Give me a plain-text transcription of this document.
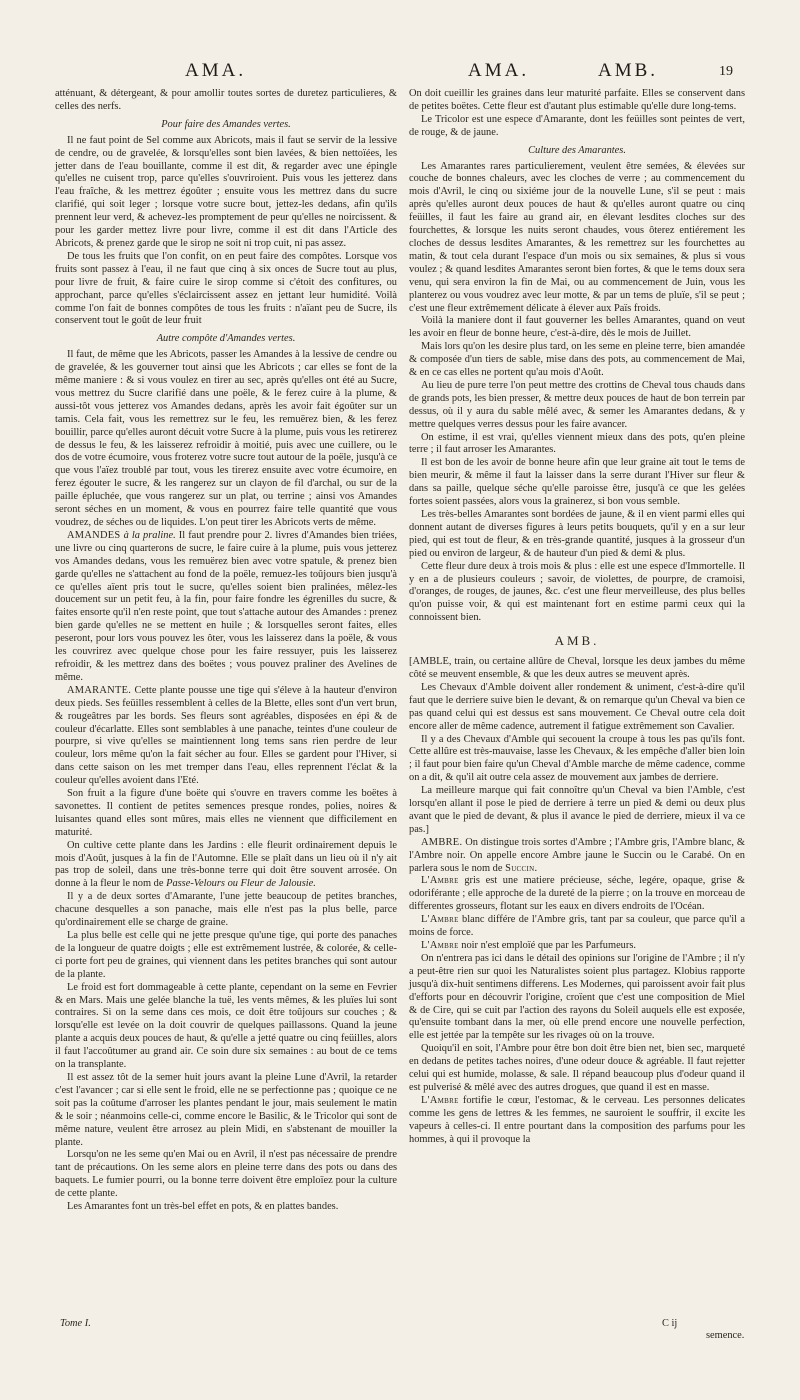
AMA.	AMA.	AMB.	19

atténuant, & détergeant, & pour amollir toutes sortes de duretez particulieres, & celles des nerfs.

Pour faire des Amandes vertes.

Il ne faut point de Sel comme aux Abricots, mais il faut se servir de la lessive de cendre, ou de gravelée, & lorsqu'elles sont bien lavées, & bien nettoïées, les jetter dans de l'eau bouillante, comme il est dit, & regarder avec une épingle qu'elles ne cuisent trop, parce qu'elles s'ouvriroient. Puis vous les jetterez dans l'eau fraîche, & les mettrez égoûter ; ensuite vous les mettrez dans du sucre clarifié, qui soit leger ; lorsque votre sucre bout, jettez-les dedans, afin qu'ils prennent leur verd, & achevez-les promptement de peur qu'elles ne noircissent. & pour les garder mettez livre pour livre, comme il est dit dans l'Article des Abricots, & prenez garde que le sirop ne soit ni trop cuit, ni pas assez.

De tous les fruits que l'on confit, on en peut faire des compôtes. Lorsque vos fruits sont passez à l'eau, il ne faut que cinq à six onces de Sucre tout au plus, pour livre de fruit, & faire cuire le sirop comme si c'étoit des confitures, ou approchant, parce qu'elles s'éclaircissent assez en jettant leur humidité. Voilà comme l'on fait de bonnes compôtes de tous les fruits : n'aïant peu de Sucre, ils conservent tout le goût de leur fruit

Autre compôte d'Amandes vertes.

Il faut, de même que les Abricots, passer les Amandes à la lessive de cendre ou de gravelée, & les gouverner tout ainsi que les Abricots ; car elles se font de la même maniere : & si vous voulez en tirer au sec, après qu'elles ont été au Sucre, vous mettrez du Sucre clarifié dans une poële, & le ferez cuire à la plume, & aussi-tôt vous jetterez vos Amandes dedans, après les avoir fait égoûter sur un tamis. Cela fait, vous les remettrez sur le feu, les remuërez bien, & les ferez bouillir, parce qu'elles auront décuit votre Sucre à la plume, puis vous les retirerez de dessus le feu, & les laisserez refroidir à moitié, puis avec une cuillere, ou le dos de votre écumoire, vous froterez votre sucre tout autour de la poële, jusqu'à ce que vous l'aïez troublé par tout, vous les tirerez ensuite avec votre écumoire, en ferez égouter le sucre, & les rangerez sur un clayon de fil d'archal, ou sur de la paille épluchée, que vous rangerez sur un plat, ou terrine ; ainsi vos Amandes seront séches en un moment, & vous en pourrez faire telle quantité que vous voudrez, de séches ou de liquides. L'on peut tirer les Abricots verts de même.

AMANDES à la praline. Il faut prendre pour 2. livres d'Amandes bien triées, une livre ou cinq quarterons de sucre, le faire cuire à la plume, puis vous jetterez vos Amandes dedans, vous les remuërez bien avec votre spatule, & prenez bien garde qu'elles ne s'attachent au fond de la poële, remuez-les toûjours bien jusqu'à ce qu'elles aïent pris tout le sucre, qu'elles soient bien pralinées, mêlez-les doucement sur un petit feu, à la fin, pour faire fondre les égrenilles du sucre, & faites ensorte qu'il n'en reste point, que tout s'attache autour des Amandes : prenez bien garde qu'elles ne se mettent en huile ; & lorsquelles seront faites, elles peseront, pour lors vous pouvez les ôter, vous les laisserez dans la poële, & vous les couvrirez avec quelque chose pour les faire ressuyer, puis les laisserez refroidir, & les mettrez dans des boëtes ; vous pouvez praliner des Avelines de même.

AMARANTE. Cette plante pousse une tige qui s'éleve à la hauteur d'environ deux pieds. Ses feüilles ressemblent à celles de la Blette, elles sont d'un vert brun, & rougeâtres par les bords. Ses fleurs sont agréables, disposées en épi & de couleur d'écarlatte. Elles sont semblables à une panache, teintes d'une couleur de pourpre, si vive qu'elles se maintiennent long tems sans rien perdre de leur couleur, lors même qu'on la fait sécher au four. Elles se gardent pour l'Hiver, si dans cette saison on les met tremper dans l'eau, elles reprennent l'éclat & la couleur qu'elles avoient dans l'Eté.

Son fruit a la figure d'une boëte qui s'ouvre en travers comme les boëtes à savonettes. Il contient de petites semences presque rondes, polies, noires & luisantes quand elles sont mûres, mais elles ne viennent que difficilement en maturité.

On cultive cette plante dans les Jardins : elle fleurit ordinairement depuis le mois d'Août, jusques à la fin de l'Automne. Elle se plaît dans un lieu où il n'y ait pas trop de soleil, dans une très-bonne terre qui doit être souvent arrosée. On donne à la fleur le nom de Passe-Velours ou Fleur de Jalousie.

Il y a de deux sortes d'Amarante, l'une jette beaucoup de petites branches, chacune desquelles a son panache, mais elle n'est pas la plus belle, parce qu'ordinairement elle se charge de graine.

La plus belle est celle qui ne jette presque qu'une tige, qui porte des panaches de la longueur de quatre doigts ; elle est extrêmement lustrée, & colorée, & celle-ci porte fort peu de graines, qui viennent dans les petites branches qui sont autour de la plante.

Le froid est fort dommageable à cette plante, cependant on la seme en Fevrier & en Mars. Mais une gelée blanche la tuë, les vents mêmes, & les pluïes lui sont contraires. Si on la seme dans ces mois, ce doit être toûjours sur couches ; & lorsqu'elle est levée on la doit couvrir de quelques paillassons. Quand la jeune plante a acquis deux pouces de haut, & qu'elle a jetté quatre ou cinq feüilles, alors il faut l'accoûtumer au grand air. Ce soin dure six semaines : au bout de ce tems on la transplante.

Il est assez tôt de la semer huit jours avant la pleine Lune d'Avril, la retarder c'est l'avancer ; car si elle sent le froid, elle ne se perfectionne pas ; quoique ce ne soit pas la coûtume d'arroser les plantes pendant le jour, mais seulement le matin & le soir ; néanmoins celle-ci, comme encore le Basilic, & le Tricolor qui sont de même nature, veulent être arrosez au plein Midi, en s'abstenant de mouiller la plante.

Lorsqu'on ne les seme qu'en Mai ou en Avril, il n'est pas nécessaire de prendre tant de précautions. On les seme alors en pleine terre dans des pots ou dans des baquets. Le fumier pourri, ou la bonne terre doivent être emploïez pour la culture de cette plante.

Les Amarantes font un très-bel effet en pots, & en plattes bandes.

On doit cueillir les graines dans leur maturité parfaite. Elles se conservent dans de petites boëtes. Cette fleur est d'autant plus estimable qu'elle dure long-tems.

Le Tricolor est une espece d'Amarante, dont les feüilles sont peintes de vert, de rouge, & de jaune.

Culture des Amarantes.

Les Amarantes rares particulierement, veulent être semées, & élevées sur couche de bonnes chaleurs, avec les cloches de verre ; au commencement du mois d'Avril, le cinq ou sixiéme jour de la nouvelle Lune, s'il se peut : mais après qu'elles auront deux pouces de haut & qu'elles auront quatre ou cinq feüilles, il faut les faire au grand air, en élevant lesdites cloches sur des fourchettes, & lorsque les nuits seront chaudes, vous ôterez entiérement les cloches de dessus lesdites Amarantes, & les remettrez sur les fourchettes au matin, & tout cela durant l'espace d'un mois ou six semaines, & plus si vous voulez ; & quand lesdites Amarantes seront bien fortes, & que le tems doux sera venu, qui sera environ la fin de Mai, ou au commencement de Juin, vous les planterez ou vous voudrez avec leur motte, & par un tems de pluïe, s'il se peut ; c'est une fleur extrêmement délicate à élever aux Païs froids.

Voilà la maniere dont il faut gouverner les belles Amarantes, quand on veut les avoir en fleur de bonne heure, c'est-à-dire, dès le mois de Juillet.

Mais lors qu'on les desire plus tard, on les seme en pleine terre, bien amandée & composée d'un tiers de sable, mise dans des pots, au commencement de Mai, & en ce cas elles ne portent qu'au mois d'Août.

Au lieu de pure terre l'on peut mettre des crottins de Cheval tous chauds dans de grands pots, les bien presser, & mettre deux pouces de haut de bon terrein par dessus, où il y aura du sable mêlé avec, & semer les Amarantes dedans, & y mettre quelques verres dessus pour les faire avancer.

On estime, il est vrai, qu'elles viennent mieux dans des pots, qu'en pleine terre ; il faut arroser les Amarantes.

Il est bon de les avoir de bonne heure afin que leur graine ait tout le tems de bien meurir, & même il faut la laisser dans la serre durant l'Hiver sur fleur & dans sa paille, quelque séche qu'elle paroisse être, jusqu'à ce que les gelées fortes soient passées, alors vous la grainerez, si bon vous semble.

Les très-belles Amarantes sont bordées de jaune, & il en vient parmi elles qui donnent autant de diverses figures à leurs petits bouquets, qu'il y en a sur leur pied, qui est tout de fleur, & en très-grande quantité, jusques à la grosseur d'un pied ou environ de largeur, & de hauteur d'un pied & demi & plus.

Cette fleur dure deux à trois mois & plus : elle est une espece d'Immortelle. Il y en a de plusieurs couleurs ; savoir, de violettes, de pourpre, de cramoisi, d'oranges, de rouges, de jaunes, &c. c'est une fleur merveilleuse, des plus belles qu'on puisse voir, & qui est maintenant fort en estime parmi ceux qui la connoissent bien.

AMB.

[AMBLE, train, ou certaine allûre de Cheval, lorsque les deux jambes du même côté se meuvent ensemble, & que les deux autres se meuvent après.

Les Chevaux d'Amble doivent aller rondement & uniment, c'est-à-dire qu'il faut que le derriere suive bien le devant, & on remarque qu'un Cheval va bien ce pas quand celui qui est dessus est sans mouvement. Ce Cheval outre cela doit encore aller de même cadence, autrement il fatigue extrêmement son Cavalier.

Il y a des Chevaux d'Amble qui secouent la croupe à tous les pas qu'ils font. Cette allûre est très-mauvaise, lasse les Chevaux, & les empêche d'aller bien loin ; il faut pour bien faire qu'un Cheval d'Amble marche de même cadence, comme on a dit, & qu'il ait outre cela assez de mouvement aux jambes de derriere.

La meilleure marque qui fait connoître qu'un Cheval va bien l'Amble, c'est lorsqu'en allant il pose le pied de derriere à terre un pied & demi ou deux plus avant que le pied de devant, & plus il avance le pied de derriere, mieux il va ce pas.]

AMBRE. On distingue trois sortes d'Ambre ; l'Ambre gris, l'Ambre blanc, & l'Ambre noir. On appelle encore Ambre jaune le Succin ou le Carabé. On en parlera sous le nom de Succin.

L'Ambre gris est une matiere précieuse, séche, legére, opaque, grise & odoriférante ; elle approche de la dureté de la pierre ; on la trouve en morceau de differentes grosseurs, flotant sur les eaux en divers endroits de l'Océan.

L'Ambre blanc différe de l'Ambre gris, tant par sa couleur, que parce qu'il a moins de force.

L'Ambre noir n'est emploïé que par les Parfumeurs.

On n'entrera pas ici dans le détail des opinions sur l'origine de l'Ambre ; il n'y a peut-être rien sur quoi les Naturalistes soient plus partagez. Klobius rapporte jusqu'à dix-huit sentimens differens. Les Modernes, qui paroissent avoir fait plus d'efforts pour en découvrir l'origine, croïent que c'est une composition de Miel & de Cire, qui se cuit par l'action des rayons du Soleil auquels elle est exposée, qu'ensuite tombant dans la mer, où elle prend encore une nouvelle perfection, elle est jettée par la tempête sur les rivages où on la trouve.

Quoiqu'il en soit, l'Ambre pour être bon doit être bien net, bien sec, marqueté en dedans de petites taches noires, d'une odeur douce & agréable. Il faut rejetter celui qui est humide, molasse, & sale. Il répand beaucoup plus d'odeur quand il est pulverisé & mêlé avec des autres drogues, que quand il est en masse.

L'Ambre fortifie le cœur, l'estomac, & le cerveau. Les personnes delicates comme les gens de lettres & les femmes, ne sauroient le souffrir, il excite les vapeurs à celles-ci. Il entre pourtant dans la composition des parfums pour les hommes, à qui il provoque la

Tome I.	C ij
semence.
